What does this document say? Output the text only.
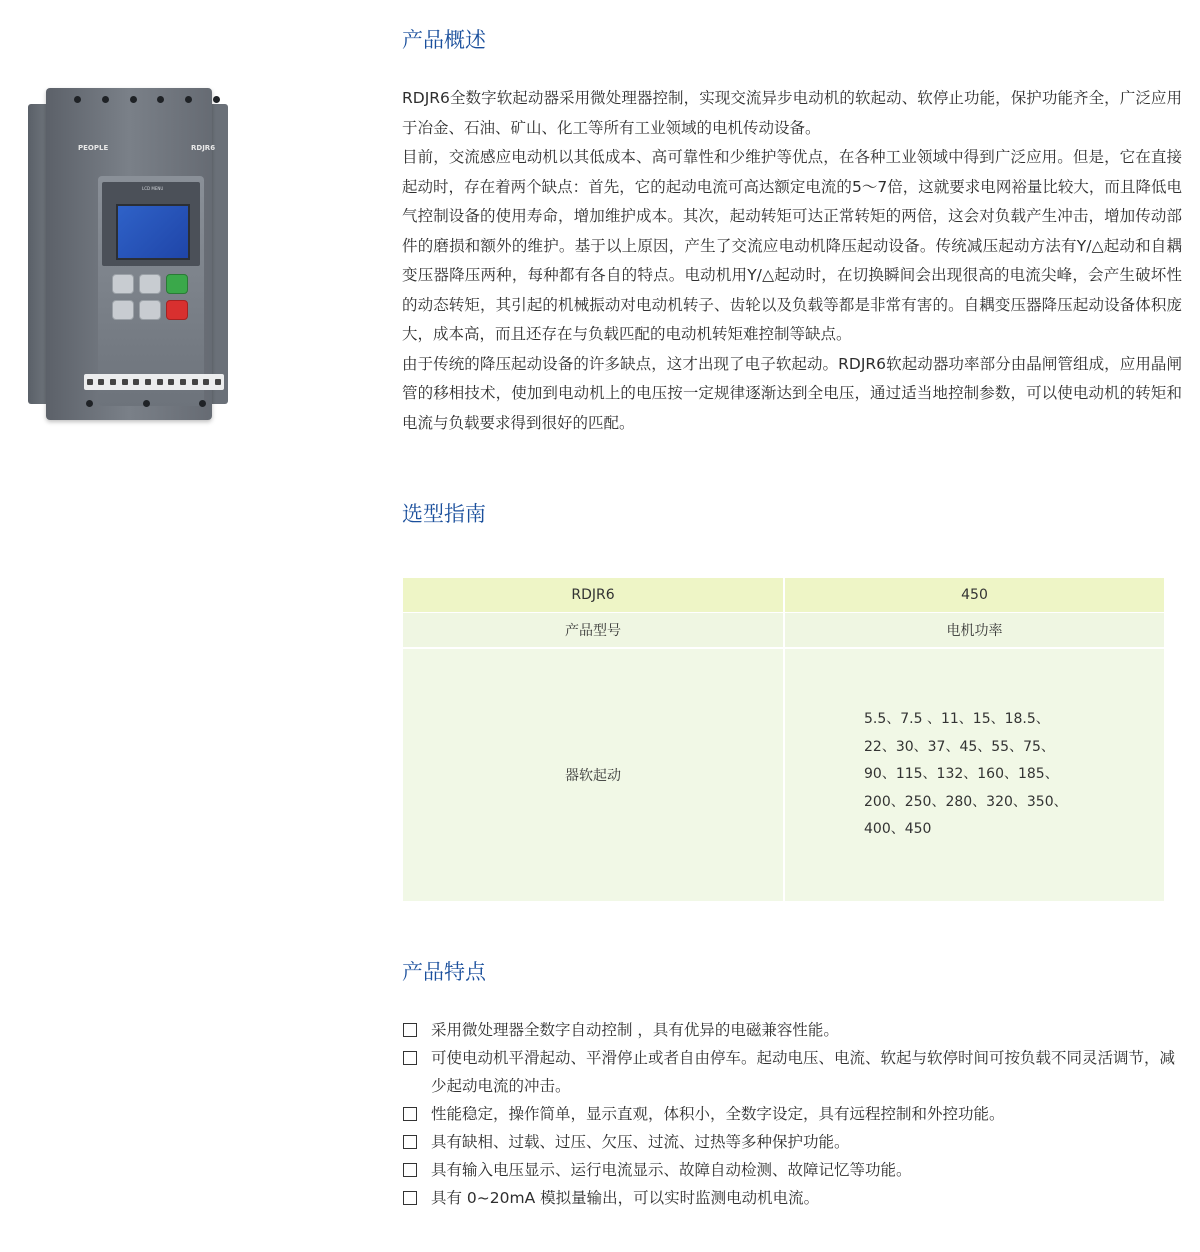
PEOPLE	RDJR6
LCD MENU
产品概述

RDJR6全数字软起动器采用微处理器控制，实现交流异步电动机的软起动、软停止功能，保护功能齐全，广泛应用于冶金、石油、矿山、化工等所有工业领域的电机传动设备。

目前，交流感应电动机以其低成本、高可靠性和少维护等优点，在各种工业领域中得到广泛应用。但是，它在直接起动时，存在着两个缺点：首先，它的起动电流可高达额定电流的5～7倍，这就要求电网裕量比较大，而且降低电气控制设备的使用寿命，增加维护成本。其次，起动转矩可达正常转矩的两倍，这会对负载产生冲击，增加传动部件的磨损和额外的维护。基于以上原因，产生了交流应电动机降压起动设备。传统减压起动方法有Y/△起动和自耦变压器降压两种，每种都有各自的特点。电动机用Y/△起动时，在切换瞬间会出现很高的电流尖峰，会产生破坏性的动态转矩，其引起的机械振动对电动机转子、齿轮以及负载等都是非常有害的。自耦变压器降压起动设备体积庞大，成本高，而且还存在与负载匹配的电动机转矩难控制等缺点。

由于传统的降压起动设备的许多缺点，这才出现了电子软起动。RDJR6软起动器功率部分由晶闸管组成，应用晶闸管的移相技术，使加到电动机上的电压按一定规律逐渐达到全电压，通过适当地控制参数，可以使电动机的转矩和电流与负载要求得到很好的匹配。

选型指南
RDJR6	450
产品型号	电机功率
器软起动	5.5、7.5 、11、15、18.5、
22、30、37、45、55、75、
90、115、132、160、185、
200、250、280、320、350、
400、450
产品特点
采用微处理器全数字自动控制 ，具有优异的电磁兼容性能。
可使电动机平滑起动、平滑停止或者自由停车。起动电压、电流、软起与软停时间可按负载不同灵活调节，减少起动电流的冲击。
性能稳定，操作简单，显示直观，体积小，全数字设定，具有远程控制和外控功能。
具有缺相、过载、过压、欠压、过流、过热等多种保护功能。
具有输入电压显示、运行电流显示、故障自动检测、故障记忆等功能。
具有 0~20mA 模拟量输出，可以实时监测电动机电流。
